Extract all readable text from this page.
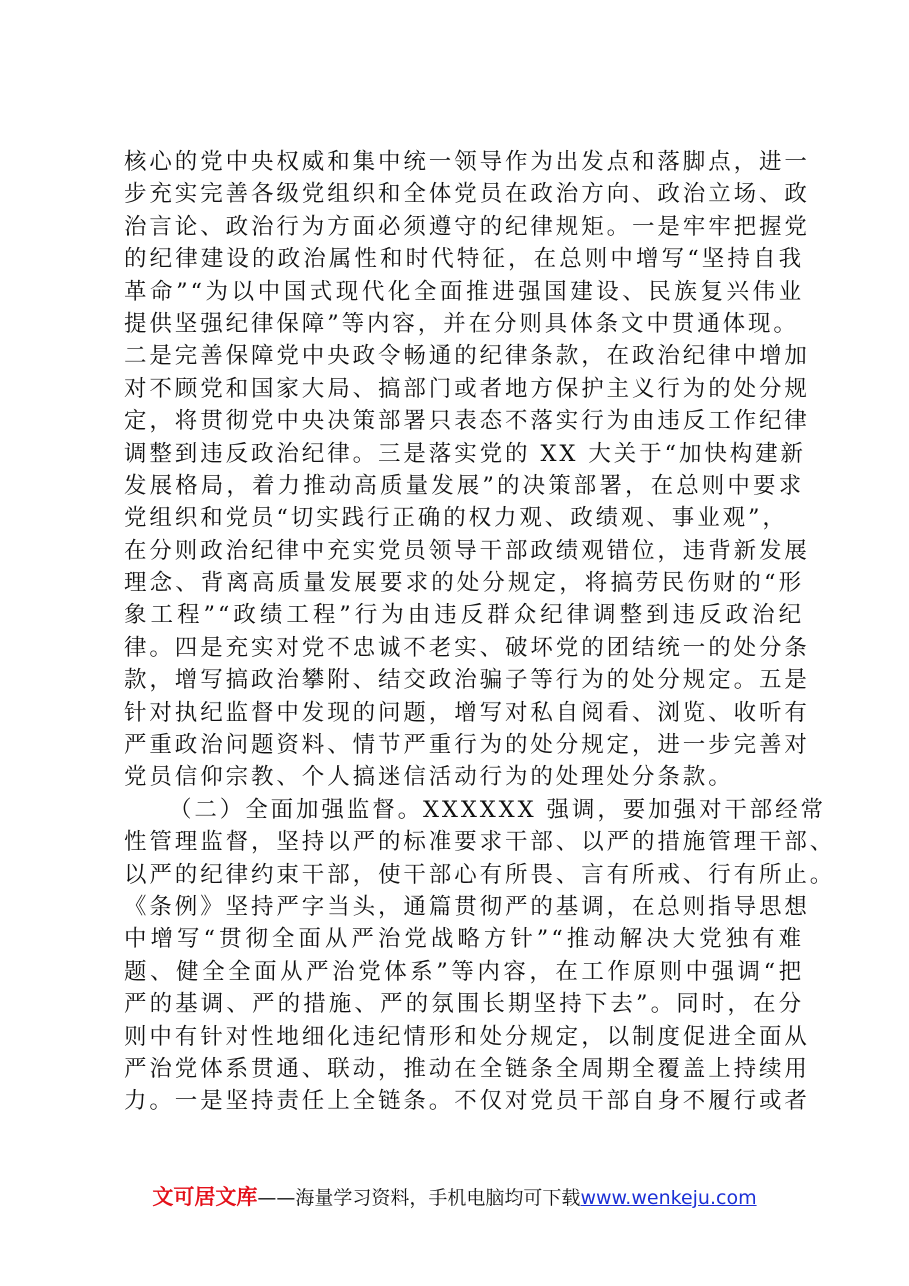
核心的党中央权威和集中统一领导作为出发点和落脚点，进一
步充实完善各级党组织和全体党员在政治方向、政治立场、政
治言论、政治行为方面必须遵守的纪律规矩。一是牢牢把握党
的纪律建设的政治属性和时代特征，在总则中增写“坚持自我
革命”“为以中国式现代化全面推进强国建设、民族复兴伟业
提供坚强纪律保障”等内容，并在分则具体条文中贯通体现。
二是完善保障党中央政令畅通的纪律条款，在政治纪律中增加
对不顾党和国家大局、搞部门或者地方保护主义行为的处分规
定，将贯彻党中央决策部署只表态不落实行为由违反工作纪律
调整到违反政治纪律。三是落实党的 XX 大关于“加快构建新
发展格局，着力推动高质量发展”的决策部署，在总则中要求
党组织和党员“切实践行正确的权力观、政绩观、事业观”，
在分则政治纪律中充实党员领导干部政绩观错位，违背新发展
理念、背离高质量发展要求的处分规定，将搞劳民伤财的“形
象工程”“政绩工程”行为由违反群众纪律调整到违反政治纪
律。四是充实对党不忠诚不老实、破坏党的团结统一的处分条
款，增写搞政治攀附、结交政治骗子等行为的处分规定。五是
针对执纪监督中发现的问题，增写对私自阅看、浏览、收听有
严重政治问题资料、情节严重行为的处分规定，进一步完善对
党员信仰宗教、个人搞迷信活动行为的处理处分条款。
（二）全面加强监督。XXXXXX 强调，要加强对干部经常
性管理监督，坚持以严的标准要求干部、以严的措施管理干部、
以严的纪律约束干部，使干部心有所畏、言有所戒、行有所止。
《条例》坚持严字当头，通篇贯彻严的基调，在总则指导思想
中增写“贯彻全面从严治党战略方针”“推动解决大党独有难
题、健全全面从严治党体系”等内容，在工作原则中强调“把
严的基调、严的措施、严的氛围长期坚持下去”。同时，在分
则中有针对性地细化违纪情形和处分规定，以制度促进全面从
严治党体系贯通、联动，推动在全链条全周期全覆盖上持续用
力。一是坚持责任上全链条。不仅对党员干部自身不履行或者
文可居文库——海量学习资料，手机电脑均可下载www.wenkeju.com
